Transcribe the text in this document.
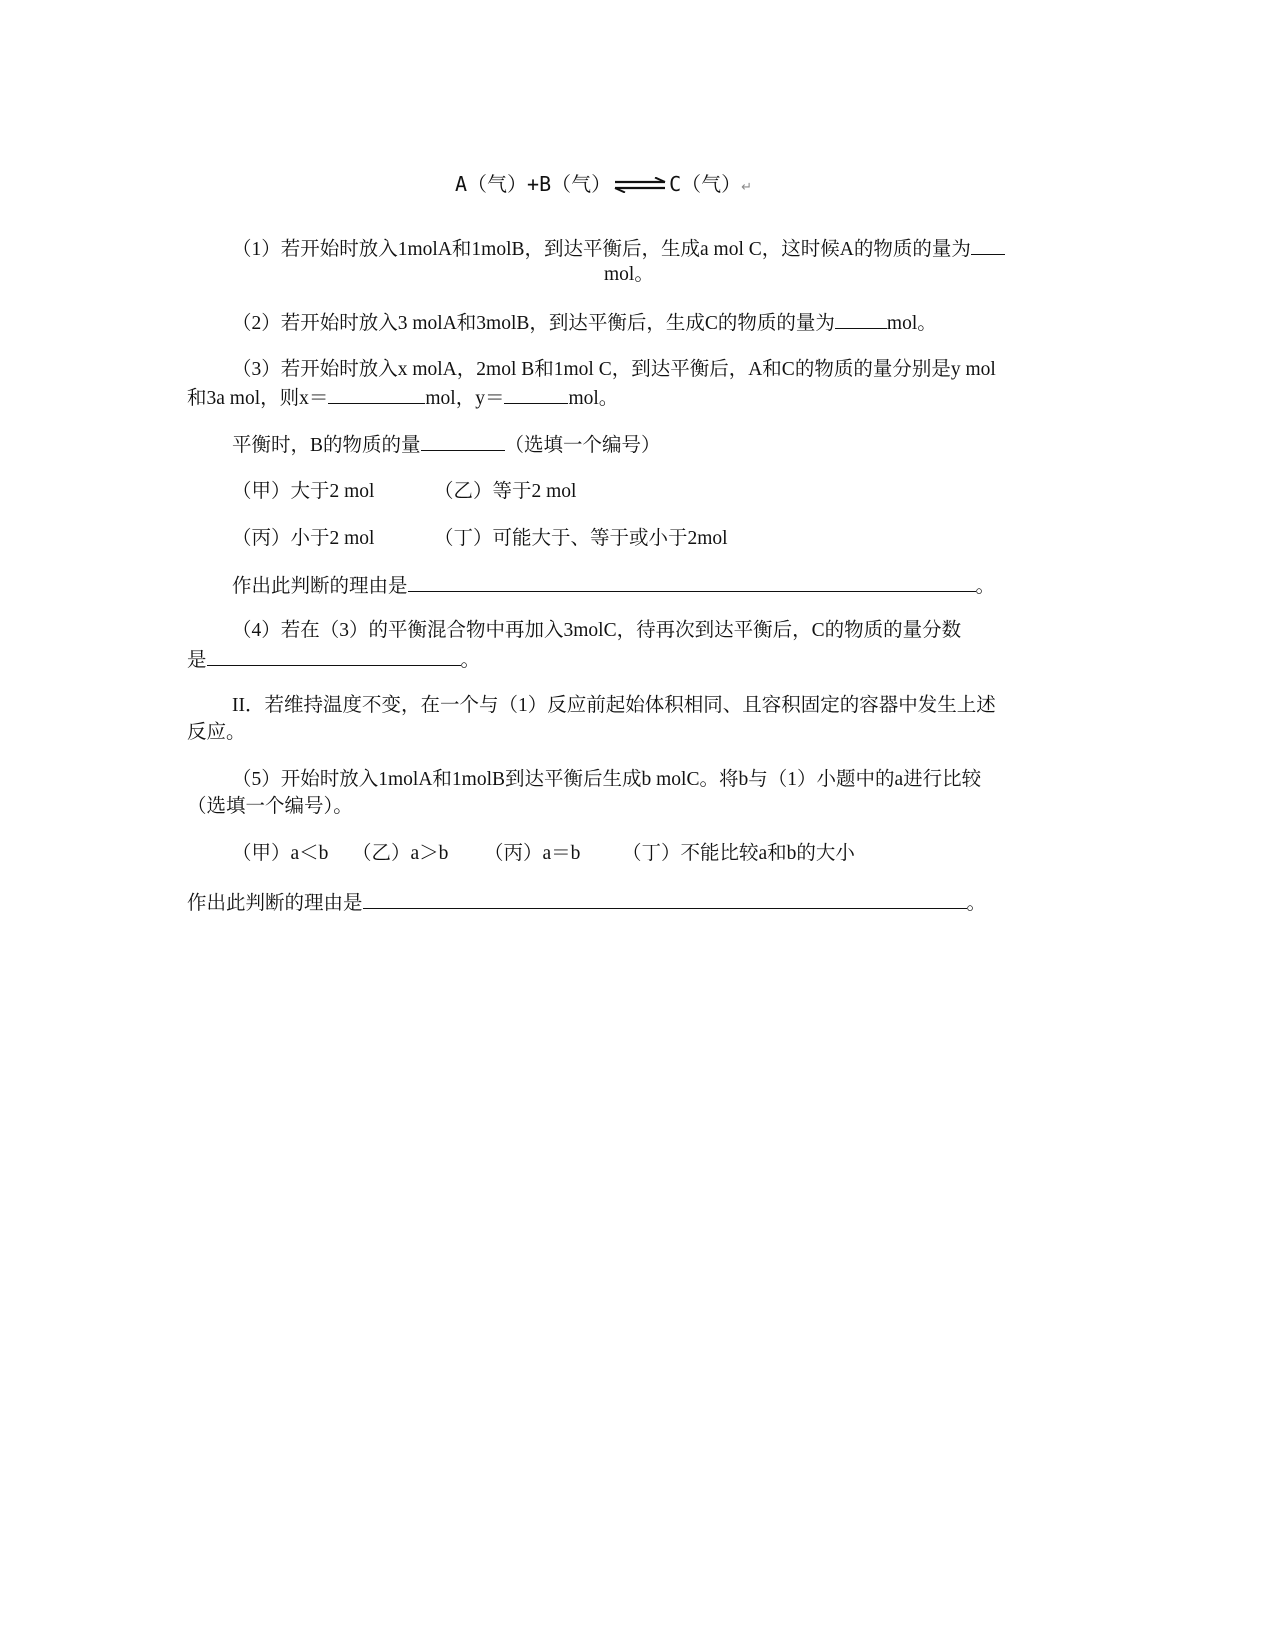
A（气）+B（气） ⇌ C（气）↵
（1）若开始时放入1molA和1molB，到达平衡后，生成a mol C，这时候A的物质的量为
mol。
（2）若开始时放入3 molA和3molB，到达平衡后，生成C的物质的量为	mol。
（3）若开始时放入x molA，2mol B和1mol C，到达平衡后，A和C的物质的量分别是y mol
和3a mol，则x＝	mol，y＝	mol。
平衡时，B的物质的量	（选填一个编号）
（甲）大于2 mol	（乙）等于2 mol
（丙）小于2 mol	（丁）可能大于、等于或小于2mol
作出此判断的理由是	。
（4）若在（3）的平衡混合物中再加入3molC，待再次到达平衡后，C的物质的量分数
是	。
II．若维持温度不变，在一个与（1）反应前起始体积相同、且容积固定的容器中发生上述
反应。
（5）开始时放入1molA和1molB到达平衡后生成b molC。将b与（1）小题中的a进行比较
（选填一个编号）。
（甲）a＜b （乙）a＞b （丙）a＝b （丁）不能比较a和b的大小
作出此判断的理由是	。
